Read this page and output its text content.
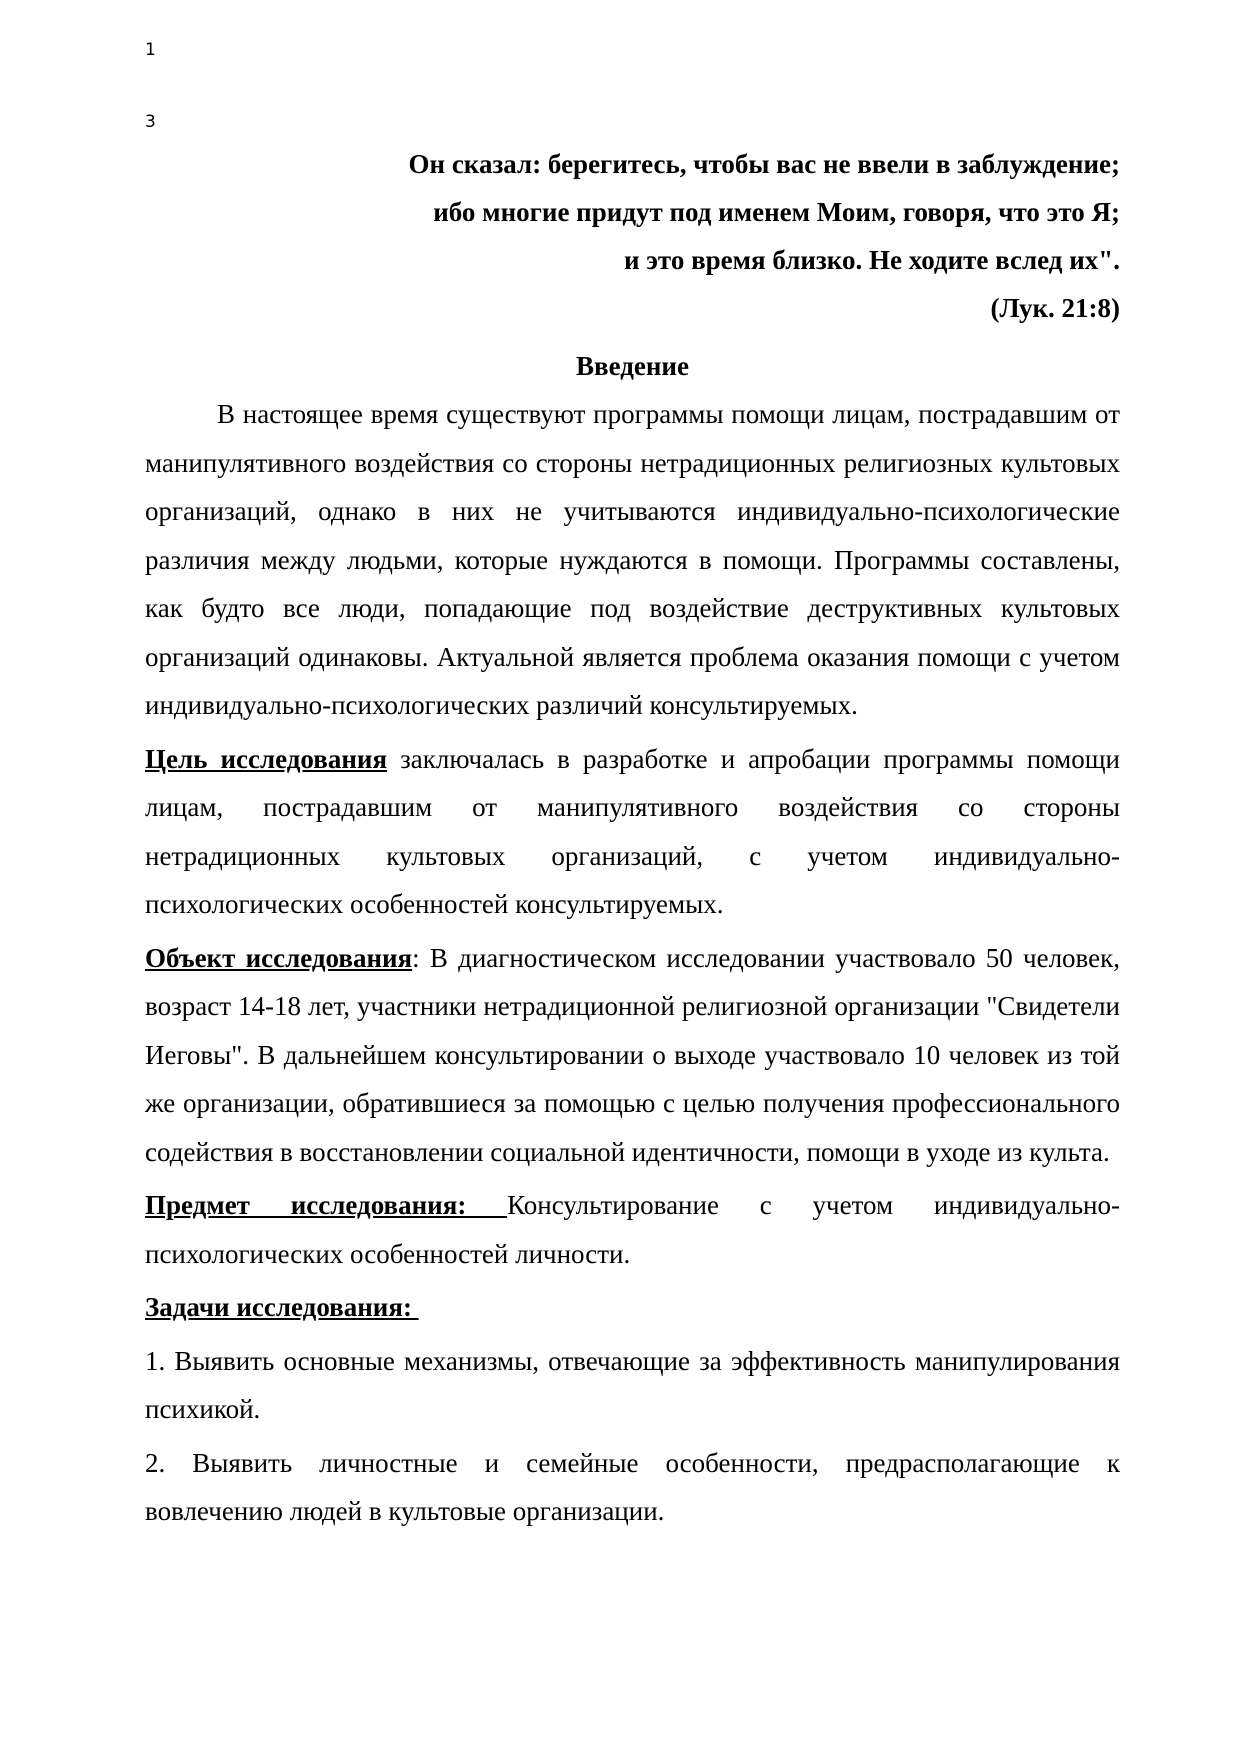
1
3
Он сказал: берегитесь, чтобы вас не ввели в заблуждение;
ибо многие придут под именем Моим, говоря, что это Я;
и это время близко. Не ходите вслед их".
(Лук. 21:8)
Введение

В настоящее время существуют программы помощи лицам, пострадавшим от манипулятивного воздействия со стороны нетрадиционных религиозных культовых организаций, однако в них не учитываются индивидуально-психологические различия между людьми, которые нуждаются в помощи. Программы составлены, как будто все люди, попадающие под воздействие деструктивных культовых организаций одинаковы. Актуальной является проблема оказания помощи с учетом индивидуально-психологических различий консультируемых.

Цель исследования заключалась в разработке и апробации программы помощи лицам, пострадавшим от манипулятивного воздействия со стороны нетрадиционных культовых организаций, с учетом индивидуально-психологических особенностей консультируемых.

Объект исследования: В диагностическом исследовании участвовало 50 человек, возраст 14-18 лет, участники нетрадиционной религиозной организации "Свидетели Иеговы". В дальнейшем консультировании о выходе участвовало 10 человек из той же организации, обратившиеся за помощью с целью получения профессионального содействия в восстановлении социальной идентичности, помощи в уходе из культа.

Предмет исследования: Консультирование с учетом индивидуально-психологических особенностей личности.

Задачи исследования:

1. Выявить основные механизмы, отвечающие за эффективность манипулирования психикой.

2. Выявить личностные и семейные особенности, предрасполагающие к вовлечению людей в культовые организации.
